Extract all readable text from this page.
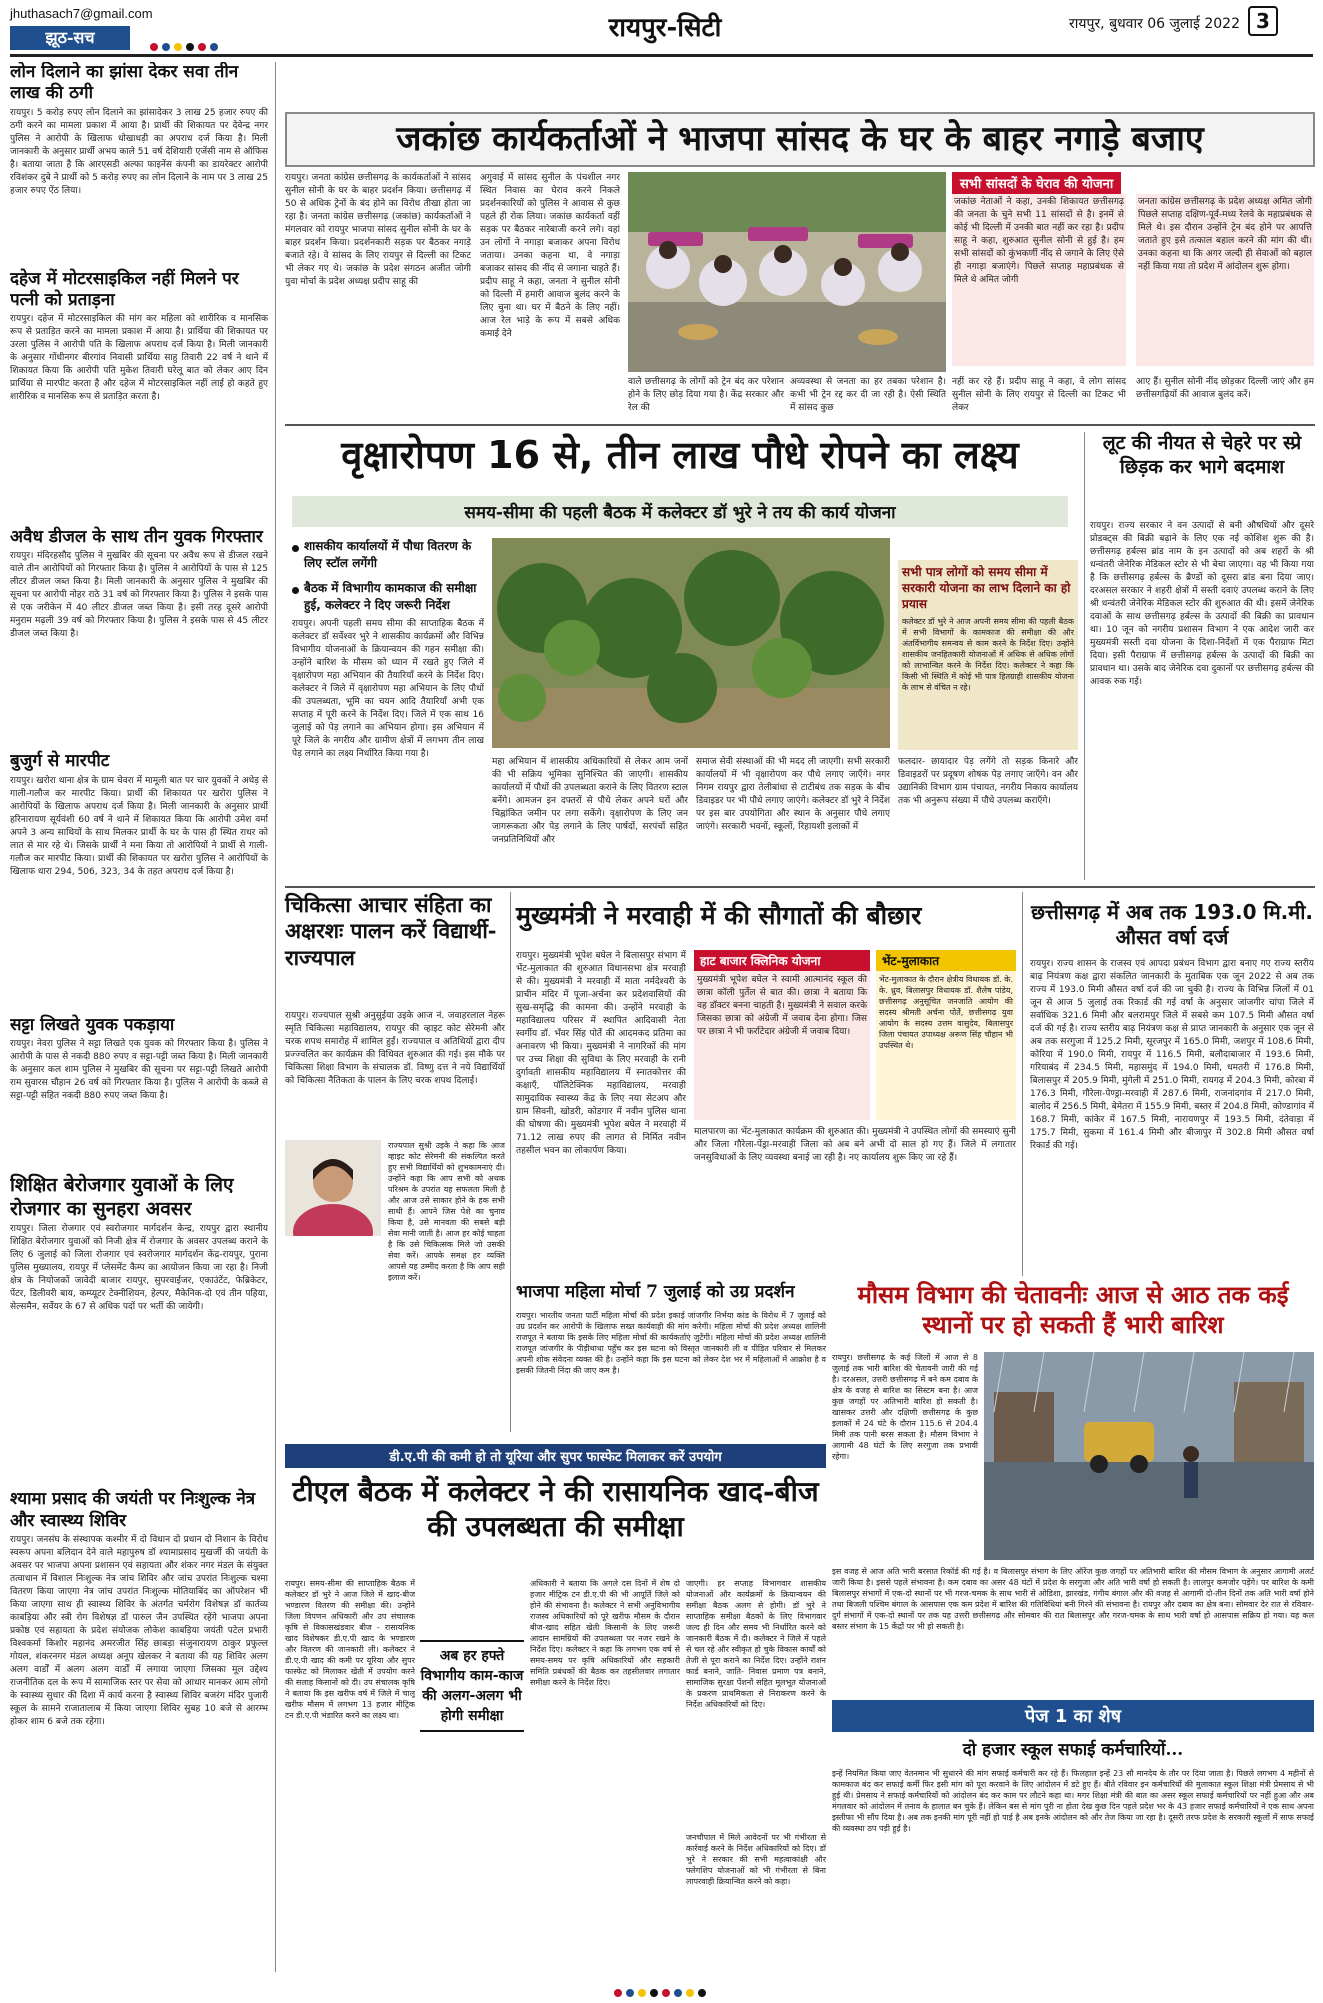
jhuthasach7@gmail.com
झूठ-सच	रायपुर-सिटी	रायपुर, बुधवार 06 जुलाई 2022 3
लोन दिलाने का झांसा देकर सवा तीन लाख की ठगी
रायपुर। 5 करोड़ रुपए लोन दिलाने का झांसादेकर 3 लाख 25 हजार रुपए की ठगी करने का मामला प्रकाश में आया है। प्रार्थी की शिकायत पर देवेन्द्र नगर पुलिस ने आरोपी के खिलाफ धोखाधड़ी का अपराध दर्ज किया है। मिली जानकारी के अनुसार प्रार्थी अभय काले 51 वर्ष देशियारी एजेंसी नाम से ऑफिस है। बताया जाता है कि आरएसडी अल्फा फाइनेंस कंपनी का डायरेक्टर आरोपी रविशंकर दुबे ने प्रार्थी को 5 करोड़ रुपए का लोन दिलाने के नाम पर 3 लाख 25 हजार रुपए ऐंठ लिया।
दहेज में मोटरसाइकिल नहीं मिलने पर पत्नी को प्रताड़ना
रायपुर। दहेज में मोटरसाइकिल की मांग कर महिला को शारीरिक व मानसिक रूप से प्रताड़ित करने का मामला प्रकाश में आया है। प्रार्थिया की शिकायत पर उरला पुलिस ने आरोपी पति के खिलाफ अपराध दर्ज किया है। मिली जानकारी के अनुसार गोंधीनगर बीरगांव निवासी प्रार्थिया साहु तिवारी 22 वर्ष ने थाने में शिकायत किया कि आरोपी पति मुकेश तिवारी घरेलू बात को लेकर आए दिन प्रार्थिया से मारपीट करता है और दहेज में मोटरसाइकिल नहीं लाई हो कहते हुए शारीरिक व मानसिक रूप से प्रताड़ित करता है।
अवैध डीजल के साथ तीन युवक गिरफ्तार
रायपुर। मंदिरहसौद पुलिस ने मुखबिर की सूचना पर अवैध रूप से डीजल रखने वाले तीन आरोपियों को गिरफ्तार किया है। पुलिस ने आरोपियों के पास से 125 लीटर डीजल जब्त किया है। मिली जानकारी के अनुसार पुलिस ने मुखबिर की सूचना पर आरोपी नोहर राठे 31 वर्ष को गिरफ्तार किया है। पुलिस ने इसके पास से एक जरीकेन में 40 लीटर डीजल जब्त किया है। इसी तरह दूसरे आरोपी मनुराम मढ़ली 39 वर्ष को गिरफ्तार किया है। पुलिस ने इसके पास से 45 लीटर डीजल जब्त किया है।
बुजुर्ग से मारपीट
रायपुर। खरोरा थाना क्षेत्र के ग्राम चेवरा में मामूली बात पर चार युवकों ने अधेड़ से गाली-गलौज कर मारपीट किया। प्रार्थी की शिकायत पर खरोरा पुलिस ने आरोपियों के खिलाफ अपराध दर्ज किया है। मिली जानकारी के अनुसार प्रार्थी हरिनारायण सूर्यवंशी 60 वर्ष ने थाने में शिकायत किया कि आरोपी उमेश वर्मा अपने 3 अन्य साथियों के साथ मिलकर प्रार्थी के घर के पास ही स्थित राधर को लात से मार रहे थे। जिसके प्रार्थी ने मना किया तो आरोपियों ने प्रार्थी से गाली-गलौज कर मारपीट किया। प्रार्थी की शिकायत पर खरोरा पुलिस ने आरोपियों के खिलाफ धारा 294, 506, 323, 34 के तहत अपराध दर्ज किया है।
सट्टा लिखते युवक पकड़ाया
रायपुर। नेवरा पुलिस ने सट्टा लिखते एक युवक को गिरफ्तार किया है। पुलिस ने आरोपी के पास से नकदी 880 रुपए व सट्टा-पट्टी जब्त किया है। मिली जानकारी के अनुसार कल शाम पुलिस ने मुखबिर की सूचना पर सट्टा-पट्टी लिखते आरोपी राम सुवारस चौहान 26 वर्ष को गिरफ्तार किया है। पुलिस ने आरोपी के कब्जे से सट्टा-पट्टी सहित नकदी 880 रुपए जब्त किया है।
शिक्षित बेरोजगार युवाओं के लिए रोजगार का सुनहरा अवसर
रायपुर। जिला रोजगार एवं स्वरोजगार मार्गदर्शन केन्द्र, रायपुर द्वारा स्थानीय शिक्षित बेरोजगार युवाओं को निजी क्षेत्र में रोजगार के अवसर उपलब्ध कराने के लिए 6 जुलाई को जिला रोजगार एवं स्वरोजगार मार्गदर्शन केंद्र-रायपुर, पुराना पुलिस मुख्यालय, रायपुर में प्लेसमेंट कैम्प का आयोजन किया जा रहा है। निजी क्षेत्र के नियोजकों जावेदी बाजार रायपुर, सुपरवाईजर, एकाउंटेंट, फेब्रिकेटर, पेंटर, डिलीवरी बाय, कम्प्यूटर टेक्नीशियन, हेल्पर, मैकेनिक-दो एवं तीन पहिया, सेल्समैन, सर्वेयर के 67 से अधिक पदों पर भर्ती की जायेगी।
श्यामा प्रसाद की जयंती पर निःशुल्क नेत्र और स्वास्थ्य शिविर
रायपुर। जनसंघ के संस्थापक कश्मीर में दो विधान दो प्रधान दो निशान के विरोध स्वरूप अपना बलिदान देने वाले महापुरुष डॉ श्यामाप्रसाद मुखर्जी की जयंती के अवसर पर भाजपा अपना प्रशासन एवं सहायता और शंकर नगर मंडल के संयुक्त तत्वाधान में विशाल निःशुल्क नेत्र जांच शिविर और जांच उपरांत निःशुल्क चश्मा वितरण किया जाएगा नेत्र जांच उपरांत निःशुल्क मोतियाबिंद का ऑपरेशन भी किया जाएगा साथ ही स्वास्थ्य शिविर के अंतर्गत चर्मरोग विशेषज्ञ डॉ कार्तव्य काबड़िया और स्त्री रोग विशेषज्ञ डॉ पारुल जैन उपस्थित रहेंगे भाजपा अपना प्रकोष्ठ एवं सहायता के प्रदेश संयोजक लोकेश काबड़िया जयंती पटेल प्रभारी विश्वकर्मा किशोर महानंद अमरजीत सिंह छाबड़ा संजुनारायण ठाकुर प्रफुल्ल गोयल, शंकरनगर मंडल अध्यक्ष अनूप खेलकर ने बताया की यह शिविर अलग अलग वार्डों में अलग अलग वार्डों में लगाया जाएगा जिसका मूल उद्देश्य राजनीतिक दल के रूप में सामाजिक स्तर पर सेवा को आधार मानकर आम लोगो के स्वास्थ्य सुधार की दिशा में कार्य करना है स्वास्थ्य शिविर बजरंग मंदिर पुजारी स्कूल के सामने राजातालाब में किया जाएगा शिविर सुबह 10 बजे से आरम्भ होकर शाम 6 बजे तक रहेगा।
जकांछ कार्यकर्ताओं ने भाजपा सांसद के घर के बाहर नगाड़े बजाए
रायपुर। जनता कांग्रेस छत्तीसगढ़ के कार्यकर्ताओं ने सांसद सुनील सोनी के घर के बाहर प्रदर्शन किया। छत्तीसगढ़ में 50 से अधिक ट्रेनों के बंद होने का विरोध तीखा होता जा रहा है। जनता कांग्रेस छत्तीसगढ़ (जकांछ) कार्यकर्ताओं ने मंगलवार को रायपुर भाजपा सांसद सुनील सोनी के घर के बाहर प्रदर्शन किया। प्रदर्शनकारी सड़क पर बैठकर नगाड़े बजाते रहे। वे सांसद के लिए रायपुर से दिल्ली का टिकट भी लेकर गए थे। जकांछ के प्रदेश संगठन अजीत जोगी युवा मोर्चा के प्रदेश अध्यक्ष प्रदीप साहू की
अगुवाई में सांसद सुनील के पंचशील नगर स्थित निवास का घेराव करने निकले प्रदर्शनकारियों को पुलिस ने आवास से कुछ पहले ही रोक लिया। जकांछ कार्यकर्ता वहीं सड़क पर बैठकर नारेबाजी करने लगे। वहां उन लोगों ने नगाड़ा बजाकर अपना विरोध जताया। उनका कहना था, वे नगाड़ा बजाकर सांसद की नींद से जगाना चाहते हैं। प्रदीप साहू ने कहा, जनता ने सुनील सोनी को दिल्ली में हमारी आवाज बुलंद करने के लिए चुना था। घर में बैठने के लिए नहीं। आज रेल भाड़े के रूप में सबसे अधिक कमाई देने
वाले छत्तीसगढ़ के लोगों को ट्रेन बंद कर परेशान होने के लिए छोड़ दिया गया है। केंद्र सरकार और रेल की
अव्यवस्था से जनता का हर तबका परेशान है। कभी भी ट्रेन रद्द कर दी जा रही है। ऐसी स्थिति में सांसद कुछ
सभी सांसदों के घेराव की योजना
जकांछ नेताओं ने कहा, उनकी शिकायत छत्तीसगढ़ की जनता के चुने सभी 11 सांसदों से है। इनमें से कोई भी दिल्ली में उनकी बात नहीं कर रहा है। प्रदीप साहू ने कहा, शुरुआत सुनील सोनी से हुई है। हम सभी सांसदों को कुंभकर्णी नींद से जगाने के लिए ऐसे ही नगाड़ा बजाएंगे। पिछले सप्ताह महाप्रबंधक से मिले थे अमित जोगी
जनता कांग्रेस छत्तीसगढ़ के प्रदेश अध्यक्ष अमित जोगी पिछले सप्ताह दक्षिण-पूर्व-मध्य रेलवे के महाप्रबंधक से मिले थे। इस दौरान उन्होंने ट्रेन बंद होने पर आपत्ति जताते हुए इसे तत्काल बहाल करने की मांग की थी। उनका कहना था कि अगर जल्दी ही सेवाओं को बहाल नहीं किया गया तो प्रदेश में आंदोलन शुरू होगा।
नहीं कर रहे हैं। प्रदीप साहू ने कहा, वे लोग सांसद सुनील सोनी के लिए रायपुर से दिल्ली का टिकट भी लेकर
आए हैं। सुनील सोनी नींद छोड़कर दिल्ली जाएं और हम छत्तीसगढ़ियों की आवाज बुलंद करें।
वृक्षारोपण 16 से, तीन लाख पौधे रोपने का लक्ष्य
समय-सीमा की पहली बैठक में कलेक्टर डॉ भुरे ने तय की कार्य योजना
शासकीय कार्यालयों में पौधा वितरण के लिए स्टॉल लगेंगी
बैठक में विभागीय कामकाज की समीक्षा हुई, कलेक्टर ने दिए जरूरी निर्देश
सभी पात्र लोगों को समय सीमा में सरकारी योजना का लाभ दिलाने का हो प्रयास
कलेक्टर डॉ भुरे ने आज अपनी समय सीमा की पहली बैठक में सभी विभागों के कामकाज की समीक्षा की और अंतर्विभागीय समन्वय से काम करने के निर्देश दिए। उन्होंने शासकीय जनहितकारी योजनाओं में अधिक से अधिक लोगों को लाभान्वित करने के निर्देश दिए। कलेक्टर ने कहा कि किसी भी स्थिति में कोई भी पात्र हितग्राही शासकीय योजना के लाभ से वंचित न रहे।
रायपुर। अपनी पहली समय सीमा की साप्ताहिक बैठक में कलेक्टर डॉ सर्वेश्वर भुरे ने शासकीय कार्यक्रमों और विभिन्न विभागीय योजनाओं के क्रियान्वयन की गहन समीक्षा की। उन्होंने बारिश के मौसम को ध्यान में रखते हुए जिले में वृक्षारोपण महा अभियान की तैयारियाँ करने के निर्देश दिए। कलेक्टर ने जिले में वृक्षारोपण महा अभियान के लिए पौधों की उपलब्धता, भूमि का चयन आदि तैयारियाँ अभी एक सप्ताह में पूरी करने के निर्देश दिए। जिले में एक साथ 16 जुलाई को पेड़ लगाने का अभियान होगा। इस अभियान में पूरे जिले के नगरीय और ग्रामीण क्षेत्रों में लगभग तीन लाख पेड़ लगाने का लक्ष्य निर्धारित किया गया है।
महा अभियान में शासकीय अधिकारियों से लेकर आम जनों की भी सक्रिय भूमिका सुनिश्चित की जाएगी। शासकीय कार्यालयों में पौधों की उपलब्धता कराने के लिए वितरण स्टाल बनेंगे। आमजन इन दफ्तरों से पौधे लेकर अपने घरों और चिह्नांकित जमीन पर लगा सकेंगे। वृक्षारोपण के लिए जन जागरूकता और पेड़ लगाने के लिए पार्षदों, सरपंचों सहित जनप्रतिनिधियों और
समाज सेवी संस्थाओं की भी मदद ली जाएगी। सभी सरकारी कार्यालयों में भी वृक्षारोपण कर पौधे लगाए जाएँगे। नगर निगम रायपुर द्वारा तेलीबांधा से टाटीबंध तक सड़क के बीच डिवाइडर पर भी पौधे लगाए जाएंगे। कलेक्टर डॉ भुरे ने निर्देश पर इस बार उपयोगिता और स्थान के अनुसार पौधे लगाए जाएंगे। सरकारी भवनों, स्कूलों, रिहायशी इलाकों में
फलदार- छायादार पेड़ लगेंगे तो सड़क किनारे और डिवाइडरों पर प्रदूषण शोषक पेड़ लगाए जाएँगे। वन और उद्यानिकी विभाग ग्राम पंचायत, नगरीय निकाय कार्यालय तक भी अनुरूप संख्या में पौधे उपलब्ध कराएँगे।
लूट की नीयत से चेहरे पर स्प्रे छिड़क कर भागे बदमाश
रायपुर। राज्य सरकार ने वन उत्पादों से बनी औषधियों और दूसरे प्रोडक्ट्स की बिक्री बढ़ाने के लिए एक नई कोशिश शुरू की है। छत्तीसगढ़ हर्बल्स ब्रांड नाम के इन उत्पादों को अब शहरों के श्री धन्वंतरी जेनेरिक मेडिकल स्टोर से भी बेचा जाएगा। वह भी किया गया है कि छत्तीसगढ़ हर्बल्स के ब्रैण्डों को दूसरा ब्रांड बना दिया जाए। दरअसल सरकार ने शहरी क्षेत्रों में सस्ती दवाएं उपलब्ध कराने के लिए श्री धन्वंतरी जेनेरिक मेडिकल स्टोर की शुरुआत की थी। इसमें जेनेरिक दवाओं के साथ छत्तीसगढ़ हर्बल्स के उत्पादों की बिक्री का प्रावधान था। 10 जून को नगरीय प्रशासन विभाग ने एक आदेश जारी कर मुख्यमंत्री सस्ती दवा योजना के दिशा-निर्देशों में एक पैराग्राफ मिटा दिया। इसी पैराग्राफ में छत्तीसगढ़ हर्बल्स के उत्पादों की बिक्री का प्रावधान था। उसके बाद जेनेरिक दवा दुकानों पर छत्तीसगढ़ हर्बल्स की आवक रुक गई।
चिकित्सा आचार संहिता का अक्षरशः पालन करें विद्यार्थी- राज्यपाल
रायपुर। राज्यपाल सुश्री अनुसुईया उइके आज नं. जवाहरलाल नेहरू स्मृति चिकित्सा महाविद्यालय, रायपुर की व्हाइट कोट सेरेमनी और चरक शपथ समारोह में शामिल हुईं। राज्यपाल व अतिथियों द्वारा दीप प्रज्ज्वलित कर कार्यक्रम की विधिवत शुरुआत की गई। इस मौके पर चिकित्सा शिक्षा विभाग के संचालक डॉ. विष्णु दत्त ने नये विद्यार्थियों को चिकित्सा नैतिकता के पालन के लिए चरक शपथ दिलाई।
राज्यपाल सुश्री उइके ने कहा कि आज व्हाइट कोट सेरेमनी की संकल्पित करते हुए सभी विद्यार्थियों को शुभकामनाएं दी। उन्होंने कहा कि आप सभी को अथक परिश्रम के उपरांत यह सफलता मिली है और आज उसे साकार होने के हक सभी साथी हैं। आपने जिस पेशे का चुनाव किया है, उसे मानवता की सबसे बड़ी सेवा मानी जाती है। आज हर कोई चाहता है कि उसे चिकित्सक मिले जो उसकी सेवा करें। आपके समक्ष हर व्यक्ति आपसे यह उम्मीद करता है कि आप सही इलाज करें।
मुख्यमंत्री ने मरवाही में की सौगातों की बौछार
रायपुर। मुख्यमंत्री भूपेश बघेल ने बिलासपुर संभाग में भेंट-मुलाकात की शुरुआत विधानसभा क्षेत्र मरवाही से की। मुख्यमंत्री ने मरवाही में माता नर्मदेश्वरी के प्राचीन मंदिर में पूजा-अर्चना कर प्रदेशवासियों की सुख-समृद्धि की कामना की। उन्होंने मरवाही के महाविद्यालय परिसर में स्थापित आदिवासी नेता स्वर्गीय डॉ. भँवर सिंह पोर्ते की आदमकद प्रतिमा का अनावरण भी किया। मुख्यमंत्री ने नागरिकों की मांग पर उच्च शिक्षा की सुविधा के लिए मरवाही के रानी दुर्गावती शासकीय महाविद्यालय में स्नातकोत्तर की कक्षाएँ, पॉलिटेक्निक महाविद्यालय, मरवाही सामुदायिक स्वास्थ्य केंद्र के लिए नया सेटअप और ग्राम सिवनी, खोडरी, कोडगार में नवीन पुलिस थाना की घोषणा की। मुख्यमंत्री भूपेश बघेल ने मरवाही में 71.12 लाख रुपए की लागत से निर्मित नवीन तहसील भवन का लोकार्पण किया।
हाट बाजार क्लिनिक योजना
मुख्यमंत्री भूपेश बघेल ने स्वामी आत्मानंद स्कूल की छात्रा कॉली पुर्तेल से बात की। छात्रा ने बताया कि वह डॉक्टर बनना चाहती है। मुख्यमंत्री ने सवाल करके जिसका छात्रा को अंग्रेजी में जवाब देना होगा। जिस पर छात्रा ने भी फर्राटेदार अंग्रेजी में जवाब दिया।
भेंट-मुलाकात
भेंट-मुलाकात के दौरान क्षेत्रीय विधायक डॉ. के. के. ध्रुव, बिलासपुर विधायक डॉ. शैलेष पांडेय, छत्तीसगढ़ अनुसूचित जनजाति आयोग की सदस्य श्रीमती अर्चना पोर्ते, छत्तीसगढ़ युवा आयोग के सदस्य उत्तम वासुदेव, बिलासपुर जिला पंचायत उपाध्यक्ष अरूण सिंह चौहान भी उपस्थित थे।
मालपारण का भेंट-मुलाकात कार्यक्रम की शुरुआत की। मुख्यमंत्री ने उपस्थित लोगों की समस्याएं सुनी और जिला गौरेला-पेंड्रा-मरवाही जिला को अब बने अभी दो साल हो गए हैं। जिले में लगातार जनसुविधाओं के लिए व्यवस्था बनाई जा रही है। नए कार्यालय शुरू किए जा रहे हैं।
छत्तीसगढ़ में अब तक 193.0 मि.मी. औसत वर्षा दर्ज
रायपुर। राज्य शासन के राजस्व एवं आपदा प्रबंधन विभाग द्वारा बनाए गए राज्य स्तरीय बाढ़ नियंत्रण कक्ष द्वारा संकलित जानकारी के मुताबिक एक जून 2022 से अब तक राज्य में 193.0 मिमी औसत वर्षा दर्ज की जा चुकी है। राज्य के विभिन्न जिलों में 01 जून से आज 5 जुलाई तक रिकार्ड की गई वर्षा के अनुसार जांजगीर चांपा जिले में सर्वाधिक 321.6 मिमी और बलरामपुर जिले में सबसे कम 107.5 मिमी औसत वर्षा दर्ज की गई है। राज्य स्तरीय बाढ़ नियंत्रण कक्ष से प्राप्त जानकारी के अनुसार एक जून से अब तक सरगुजा में 125.2 मिमी, सूरजपुर में 165.0 मिमी, जशपुर में 108.6 मिमी, कोरिया में 190.0 मिमी, रायपुर में 116.5 मिमी, बलौदाबाजार में 193.6 मिमी, गरियाबंद में 234.5 मिमी, महासमुंद में 194.0 मिमी, धमतरी में 176.8 मिमी, बिलासपुर में 205.9 मिमी, मुंगेली में 251.0 मिमी, रायगढ़ में 204.3 मिमी, कोरबा में 176.3 मिमी, गौरेला-पेण्ड्रा-मरवाही में 287.6 मिमी, राजनांदगांव में 217.0 मिमी, बालोद में 256.5 मिमी, बेमेतरा में 155.9 मिमी, बस्तर में 204.8 मिमी, कोण्डागांव में 168.7 मिमी, कांकेर में 167.5 मिमी, नारायणपुर में 193.5 मिमी, दंतेवाड़ा में 175.7 मिमी, सुकमा में 161.4 मिमी और बीजापुर में 302.8 मिमी औसत वर्षा रिकार्ड की गई।
भाजपा महिला मोर्चा 7 जुलाई को उग्र प्रदर्शन
रायपुर। भारतीय जनता पार्टी महिला मोर्चा की प्रदेश इकाई जांजगीर निर्भया कांड के विरोध में 7 जुलाई को उग्र प्रदर्शन कर आरोपी के खिलाफ सख्त कार्यवाही की मांग करेगी। महिला मोर्चा की प्रदेश अध्यक्ष शालिनी राजपूत ने बताया कि इसके लिए महिला मोर्चा की कार्यकर्ताएं जुटेंगी। महिला मोर्चा की प्रदेश अध्यक्ष शालिनी राजपूत जांजगीर के पीड़ीथाधा पहुँच कर इस घटना को विस्तृत जानकारी ली व पीड़ित परिवार से मिलकर अपनी शोक संवेदना व्यक्त की है। उन्होंने कहा कि इस घटना को लेकर देश भर में महिलाओं में आक्रोश है व इसकी जितनी निंदा की जाए कम है।
मौसम विभाग की चेतावनीः आज से आठ तक कई स्थानों पर हो सकती हैं भारी बारिश
रायपुर। छत्तीसगढ़ के कई जिलों में आज से 8 जुलाई तक भारी बारिश की चेतावनी जारी की गई है। दरअसल, उत्तरी छत्तीसगढ़ में बने कम दबाव के क्षेत्र के वजह से बारिश का सिस्टम बना है। आज कुछ जगहों पर अतिभारी बारिश हो सकती है। खासकर उत्तरी और दक्षिणी छत्तीसगढ़ के कुछ इलाकों में 24 घंटे के दौरान 115.6 से 204.4 मिमी तक पानी बरस सकता है। मौसम विभाग ने आगामी 48 घंटों के लिए सरगुजा तक प्रभावी रहेगा।
इस वजह से आज अति भारी बरसात रिकॉर्ड की गई है। व बिलासपुर संभाग के लिए ऑरेंज कुछ जगहों पर अतिभारी बारिश की मौसम विभाग के अनुसार आगामी अलर्ट जारी किया है। इससे पहले संभावना है। कम दबाव का असर 48 घंटों में प्रदेश के सरगुजा और अति भारी वर्षा हो सकती है। लालपुर कमजोर पड़ेंगे। पर बारिश के कमी बिलासपुर संभागों में एक-दो स्थानों पर भी गरज-चमक के साथ भारी से ओडिशा, झारखंड, गंगीय बंगाल और की वजह से आगामी दो-तीन दिनों तक अति भारी वर्षा होने तथा बिजली पश्चिम बंगाल के आसपास एक कम प्रदेश में बारिश की गतिविधियां बनी गिरने की संभावना है। रायपुर और दबाव का क्षेत्र बना। सोमवार देर रात से रविवार- दुर्ग संभागों में एक-दो स्थानों पर तक यह उत्तरी छत्तीसगढ़ और सोमवार की रात बिलासपुर और गरज-चमक के साथ भारी वर्षा हो आसपास सक्रिय हो गया। यह कल बस्तर संभाग के 15 केंद्रों पर भी हो सकती है।
डी.ए.पी की कमी हो तो यूरिया और सुपर फास्फेट मिलाकर करें उपयोग
टीएल बैठक में कलेक्टर ने की रासायनिक खाद-बीज की उपलब्धता की समीक्षा
रायपुर। समय-सीमा की साप्ताहिक बैठक में कलेक्टर डॉ भुरे ने आज जिले में खाद-बीज भण्डारण वितरण की समीक्षा की। उन्होंने जिला विपणन अधिकारी और उप संचालक कृषि से विकासखंडवार बीज - रासायनिक खाद विशेषकर डी.ए.पी खाद के भण्डारण और वितरण की जानकारी ली। कलेक्टर ने डी.ए.पी खाद की कमी पर यूरिया और सुपर फास्फेट को मिलाकर खेती में उपयोग करने की सलाह किसानों को दी। उप संचालक कृषि ने बताया कि इस खरीफ वर्ष में जिले में चालू खरीफ मौसम में लगभग 13 हजार मीट्रिक टन डी.ए.पी भंडारित करने का लक्ष्य था।
अब हर हफ्ते विभागीय काम-काज की अलग-अलग भी होगी समीक्षा
अधिकारी ने बताया कि अगले दस दिनों में शेष दो हजार मीट्रिक टन डी.ए.पी की भी आपूर्ति जिले को होने की संभावना है। कलेक्टर ने सभी अनुविभागीय राजस्व अधिकारियों को पूरे खरीफ मौसम के दौरान बीज-खाद सहित खेती किसानी के लिए जरूरी आदान सामग्रियों की उपलब्धता पर नजर रखने के निर्देश दिए। कलेक्टर ने कहा कि लगभग एक वर्ष से समय-समय पर कृषि अधिकारियों और सहकारी समिति प्रबंधकों की बैठक कर तहसीलवार लगातार समीक्षा करने के निर्देश दिए।
जाएगी। हर सप्ताह विभागवार शासकीय योजनाओं और कार्यक्रमों के क्रियान्वयन की समीक्षा बैठक अलग से होगी। डॉ भुरे ने साप्ताहिक समीक्षा बैठकों के लिए विभागवार जल्द ही दिन और समय भी निर्धारित करने को जानकारी बैठक में दी। कलेक्टर ने जिले में पहले से चल रहे और स्वीकृत हो चुके विकास कार्यों को तेजी से पूरा कराने का निर्देश दिए। उन्होंने राशन कार्ड बनाने, जाति- निवास प्रमाण पत्र बनाने, सामाजिक सुरक्षा पेंशनों सहित मूलभूत योजनाओं के प्रकरण प्राथमिकता से निराकरण करने के निर्देश अधिकारियों को दिए।
जनचौपाल में मिले आवेदनों पर भी गंभीरता से कार्रवाई करने के निर्देश अधिकारियों को दिए। डॉ भुरे ने सरकार की सभी महत्वाकांक्षी और फ्लेगशिप योजनाओं को भी गंभीरता से बिना लापरवाही क्रियान्वित करने को कहा।
पेज 1 का शेष
दो हजार स्कूल सफाई कर्मचारियों...
इन्हें नियमित किया जाए वेतनमान भी सुधारने की मांग सफाई कर्मचारी कर रहे हैं। फिलहाल इन्हें 23 सौ मानदेय के तौर पर दिया जाता है। पिछले लगभग 4 महीनों से कामकाज बंद कर सफाई कर्मी फिर इसी मांग को पूरा करवाने के लिए आंदोलन में डटे हुए हैं। बीते रविवार इन कर्मचारियों की मुलाकात स्कूल शिक्षा मंत्री प्रेमसाय से भी हुई थी। प्रेमसाय ने सफाई कर्मचारियों को आंदोलन बंद कर काम पर लौटने कहा था। मगर शिक्षा मंत्री की बात का असर स्कूल सफाई कर्मचारियों पर नहीं हुआ और अब मंगलवार को आंदोलन में तनाव के हालात बन चुके हैं। लेकिन बस से मांग पूरी ना होता देख कुछ दिन पहले प्रदेश भर के 43 हजार सफाई कर्मचारियों ने एक साथ अपना इस्तीफा भी सौंप दिया है। अब तक इनकी मांग पूरी नहीं हो पाई है अब इनके आंदोलन को और तेज किया जा रहा है। दूसरी तरफ प्रदेश के सरकारी स्कूलों में साफ सफाई की व्यवस्था ठप पड़ी हुई है।
